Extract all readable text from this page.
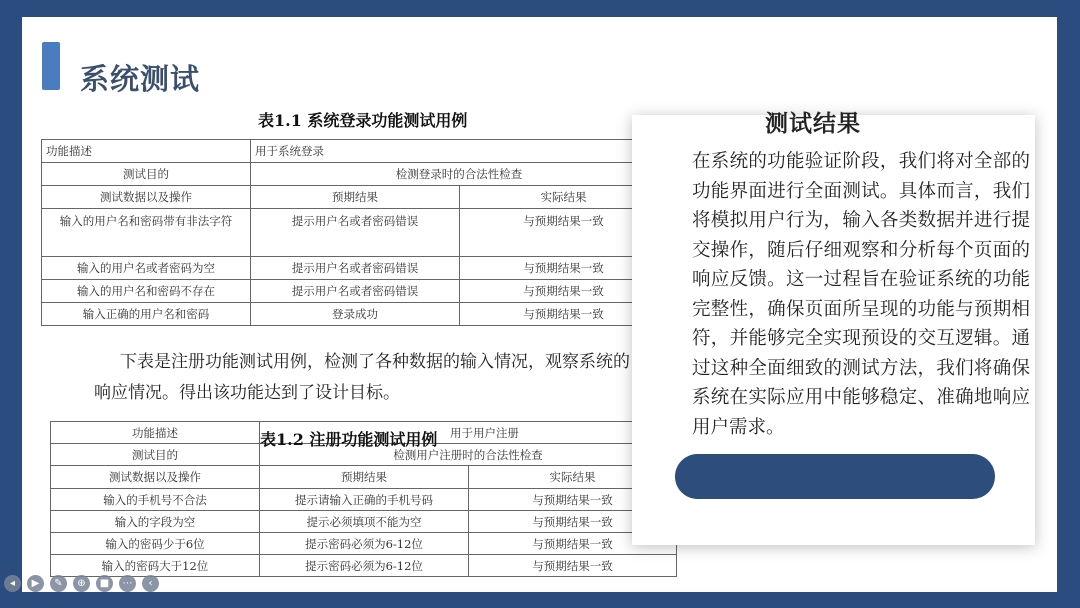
系统测试
表1.1 系统登录功能测试用例
功能描述	用于系统登录	
测试目的	检测登录时的合法性检查	
测试数据以及操作	预期结果	实际结果
输入的用户名和密码带有非法字符	提示用户名或者密码错误	与预期结果一致
输入的用户名或者密码为空	提示用户名或者密码错误	与预期结果一致
输入的用户名和密码不存在	提示用户名或者密码错误	与预期结果一致
输入正确的用户名和密码	登录成功	与预期结果一致
下表是注册功能测试用例，检测了各种数据的输入情况，观察系统的响应情况。得出该功能达到了设计目标。
功能描述	用于用户注册	
测试目的	检测用户注册时的合法性检查	
测试数据以及操作	预期结果	实际结果
输入的手机号不合法	提示请输入正确的手机号码	与预期结果一致
输入的字段为空	提示必须填项不能为空	与预期结果一致
输入的密码少于6位	提示密码必须为6-12位	与预期结果一致
输入的密码大于12位	提示密码必须为6-12位	与预期结果一致
表1.2 注册功能测试用例
测试结果
在系统的功能验证阶段，我们将对全部的功能界面进行全面测试。具体而言，我们将模拟用户行为，输入各类数据并进行提交操作，随后仔细观察和分析每个页面的响应反馈。这一过程旨在验证系统的功能完整性，确保页面所呈现的功能与预期相符，并能够完全实现预设的交互逻辑。通过这种全面细致的测试方法，我们将确保系统在实际应用中能够稳定、准确地响应用户需求。
◂	▶	✎	⊕	■	⋯	‹
